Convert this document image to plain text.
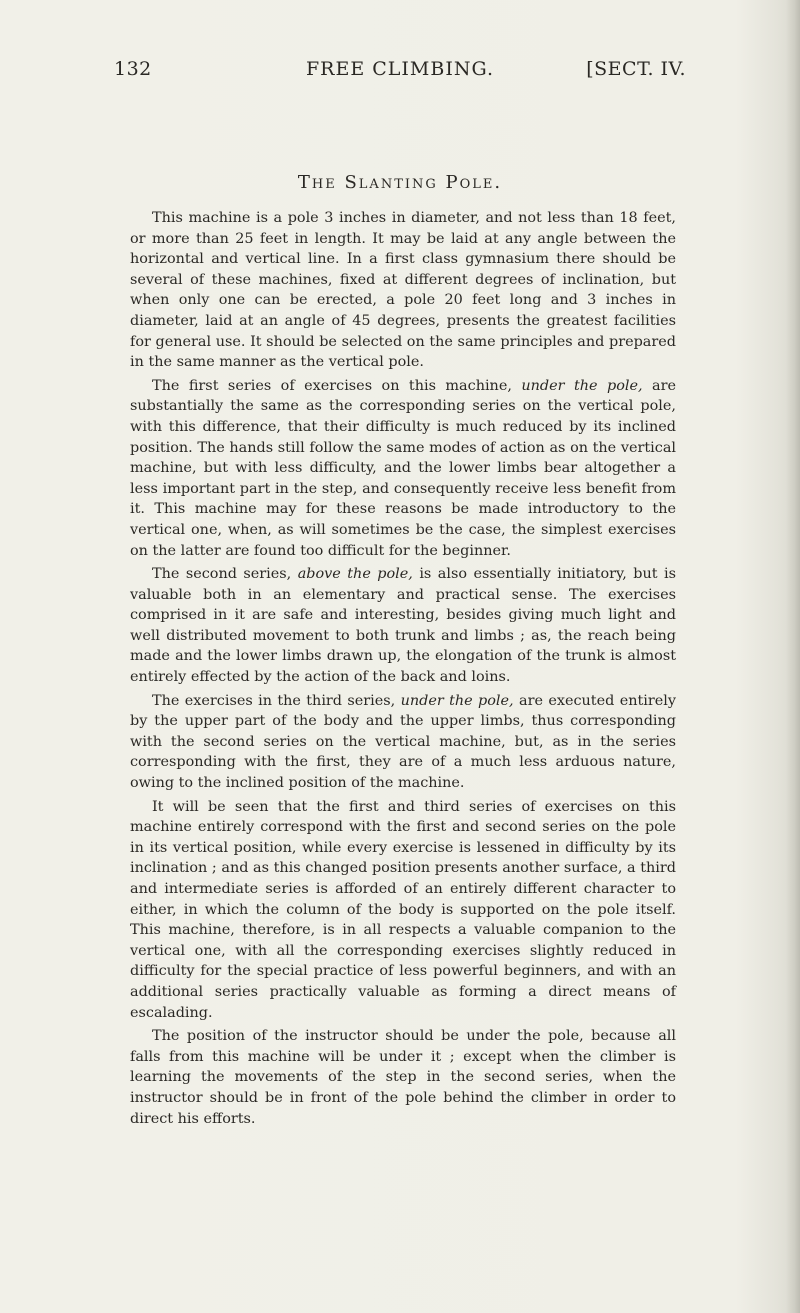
132	FREE CLIMBING.	[SECT. IV.
The Slanting Pole.

This machine is a pole 3 inches in diameter, and not less than 18 feet, or more than 25 feet in length. It may be laid at any angle between the horizontal and vertical line. In a first class gymnasium there should be several of these machines, fixed at different degrees of inclination, but when only one can be erected, a pole 20 feet long and 3 inches in diameter, laid at an angle of 45 degrees, presents the greatest facilities for general use. It should be selected on the same principles and prepared in the same manner as the vertical pole.

The first series of exercises on this machine, under the pole, are substantially the same as the corresponding series on the vertical pole, with this difference, that their difficulty is much reduced by its inclined position. The hands still follow the same modes of action as on the vertical machine, but with less difficulty, and the lower limbs bear altogether a less important part in the step, and consequently receive less benefit from it. This machine may for these reasons be made introductory to the vertical one, when, as will sometimes be the case, the simplest exercises on the latter are found too difficult for the beginner.

The second series, above the pole, is also essentially initiatory, but is valuable both in an elementary and practical sense. The exercises comprised in it are safe and interesting, besides giving much light and well distributed movement to both trunk and limbs ; as, the reach being made and the lower limbs drawn up, the elongation of the trunk is almost entirely effected by the action of the back and loins.

The exercises in the third series, under the pole, are executed entirely by the upper part of the body and the upper limbs, thus corresponding with the second series on the vertical machine, but, as in the series corresponding with the first, they are of a much less arduous nature, owing to the inclined position of the machine.

It will be seen that the first and third series of exercises on this machine entirely correspond with the first and second series on the pole in its vertical position, while every exercise is lessened in difficulty by its inclination ; and as this changed position presents another surface, a third and intermediate series is afforded of an entirely different character to either, in which the column of the body is supported on the pole itself. This machine, therefore, is in all respects a valuable companion to the vertical one, with all the corresponding exercises slightly reduced in difficulty for the special practice of less powerful beginners, and with an additional series practically valuable as forming a direct means of escalading.

The position of the instructor should be under the pole, because all falls from this machine will be under it ; except when the climber is learning the movements of the step in the second series, when the instructor should be in front of the pole behind the climber in order to direct his efforts.
